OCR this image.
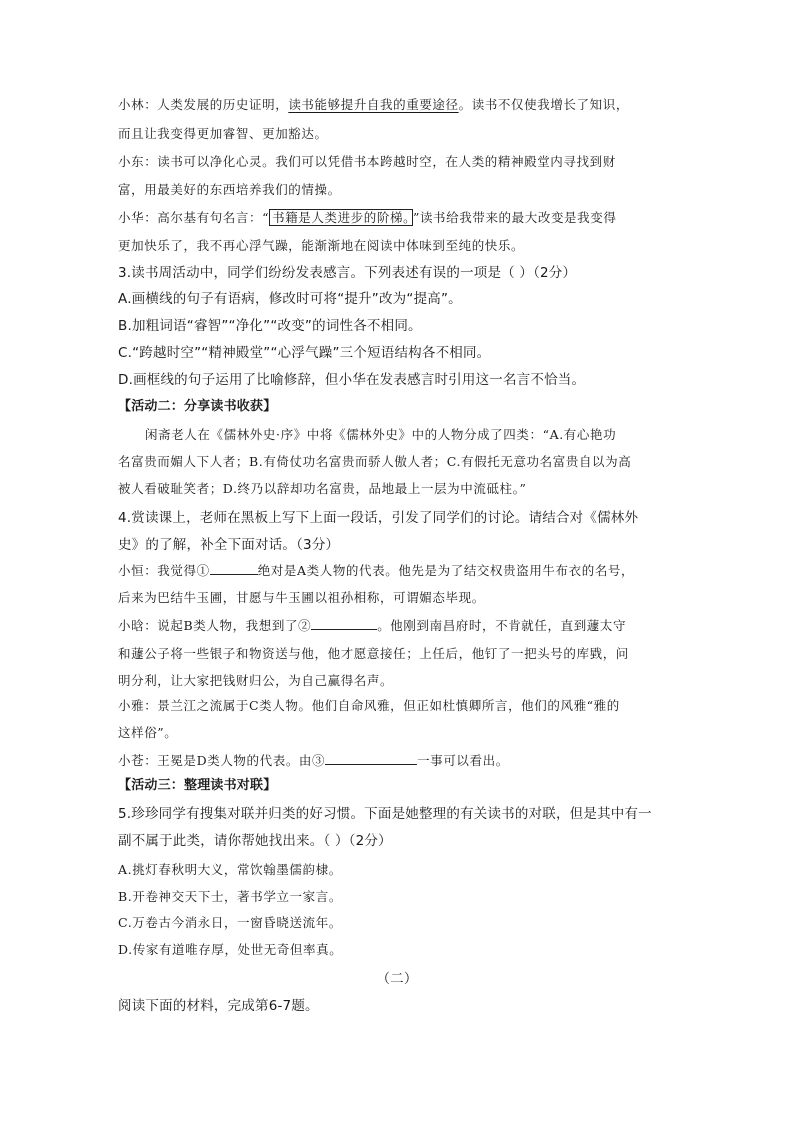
小林：人类发展的历史证明，读书能够提升自我的重要途径。读书不仅使我增长了知识，
而且让我变得更加睿智、更加豁达。
小东：读书可以净化心灵。我们可以凭借书本跨越时空，在人类的精神殿堂内寻找到财
富，用最美好的东西培养我们的情操。
小华：高尔基有句名言：“ 书籍是人类进步的阶梯。 ”读书给我带来的最大改变是我变得
更加快乐了，我不再心浮气躁，能渐渐地在阅读中体味到至纯的快乐。
3.读书周活动中，同学们纷纷发表感言。下列表述有误的一项是（ ）（2分）
A.画横线的句子有语病，修改时可将“提升”改为“提高”。
B.加粗词语“睿智”“净化”“改变”的词性各不相同。
C.“跨越时空”“精神殿堂”“心浮气躁”三个短语结构各不相同。
D.画框线的句子运用了比喻修辞，但小华在发表感言时引用这一名言不恰当。
【活动二：分享读书收获】
闲斋老人在《儒林外史·序》中将《儒林外史》中的人物分成了四类：“A.有心艳功
名富贵而媚人下人者；B.有倚仗功名富贵而骄人傲人者；C.有假托无意功名富贵自以为高
被人看破耻笑者；D.终乃以辞却功名富贵，品地最上一层为中流砥柱。”
4.赏读课上，老师在黑板上写下上面一段话，引发了同学们的讨论。请结合对《儒林外
史》的了解，补全下面对话。（3分）
小恒：我觉得①	绝对是A类人物的代表。他先是为了结交权贵盗用牛布衣的名号，
后来为巴结牛玉圃，甘愿与牛玉圃以祖孙相称，可谓媚态毕现。
小晗：说起B类人物，我想到了②	。他刚到南昌府时，不肯就任，直到蘧太守
和蘧公子将一些银子和物资送与他，他才愿意接任；上任后，他钉了一把头号的库戥，问
明分利，让大家把钱财归公，为自己赢得名声。
小雅：景兰江之流属于C类人物。他们自命风雅，但正如杜慎卿所言，他们的风雅“雅的
这样俗”。
小苍：王冕是D类人物的代表。由③	一事可以看出。
【活动三：整理读书对联】
5.珍珍同学有搜集对联并归类的好习惯。下面是她整理的有关读书的对联，但是其中有一
副不属于此类，请你帮她找出来。（ ）（2分）
A.挑灯春秋明大义，常饮翰墨儒韵棣。
B.开卷神交天下士，著书学立一家言。
C.万卷古今消永日，一窗昏晓送流年。
D.传家有道唯存厚，处世无奇但率真。
（二）
阅读下面的材料，完成第6-7题。
